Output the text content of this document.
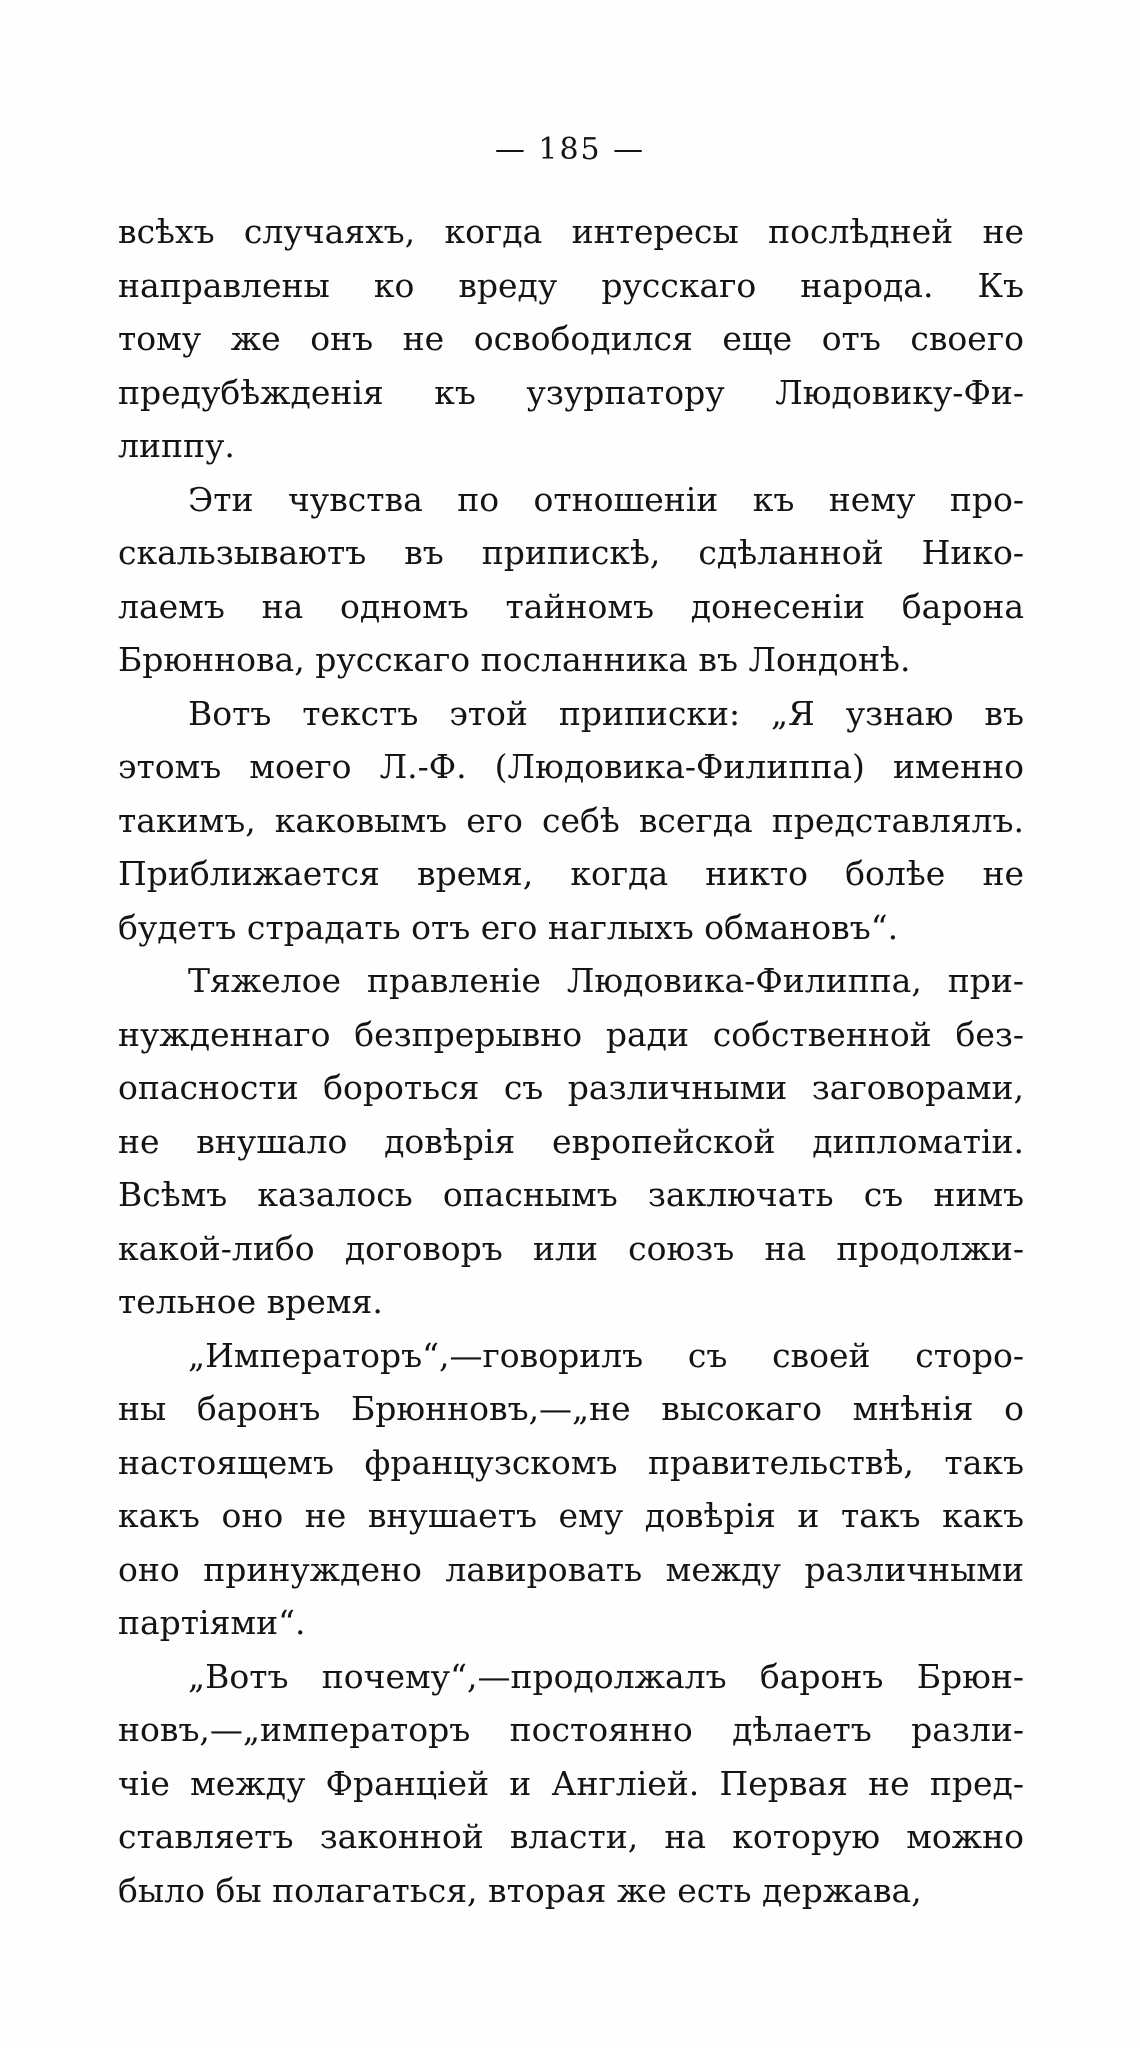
— 185 —
всѣхъ случаяхъ, когда интересы послѣдней не
направлены ко вреду русскаго народа. Къ
тому же онъ не освободился еще отъ своего
предубѣжденія къ узурпатору Людовику-Фи-
липпу.
Эти чувства по отношеніи къ нему про-
скальзываютъ въ припискѣ, сдѣланной Нико-
лаемъ на одномъ тайномъ донесеніи барона
Брюннова, русскаго посланника въ Лондонѣ.
Вотъ текстъ этой приписки: „Я узнаю въ
этомъ моего Л.-Ф. (Людовика-Филиппа) именно
такимъ, каковымъ его себѣ всегда представлялъ.
Приближается время, когда никто болѣе не
будетъ страдать отъ его наглыхъ обмановъ“.
Тяжелое правленіе Людовика-Филиппа, при-
нужденнаго безпрерывно ради собственной без-
опасности бороться съ различными заговорами,
не внушало довѣрія европейской дипломатіи.
Всѣмъ казалось опаснымъ заключать съ нимъ
какой-либо договоръ или союзъ на продолжи-
тельное время.
„Императоръ“,—говорилъ съ своей сторо-
ны баронъ Брюнновъ,—„не высокаго мнѣнія о
настоящемъ французскомъ правительствѣ, такъ
какъ оно не внушаетъ ему довѣрія и такъ какъ
оно принуждено лавировать между различными
партіями“.
„Вотъ почему“,—продолжалъ баронъ Брюн-
новъ,—„императоръ постоянно дѣлаетъ разли-
чіе между Франціей и Англіей. Первая не пред-
ставляетъ законной власти, на которую можно
было бы полагаться, вторая же есть держава,
